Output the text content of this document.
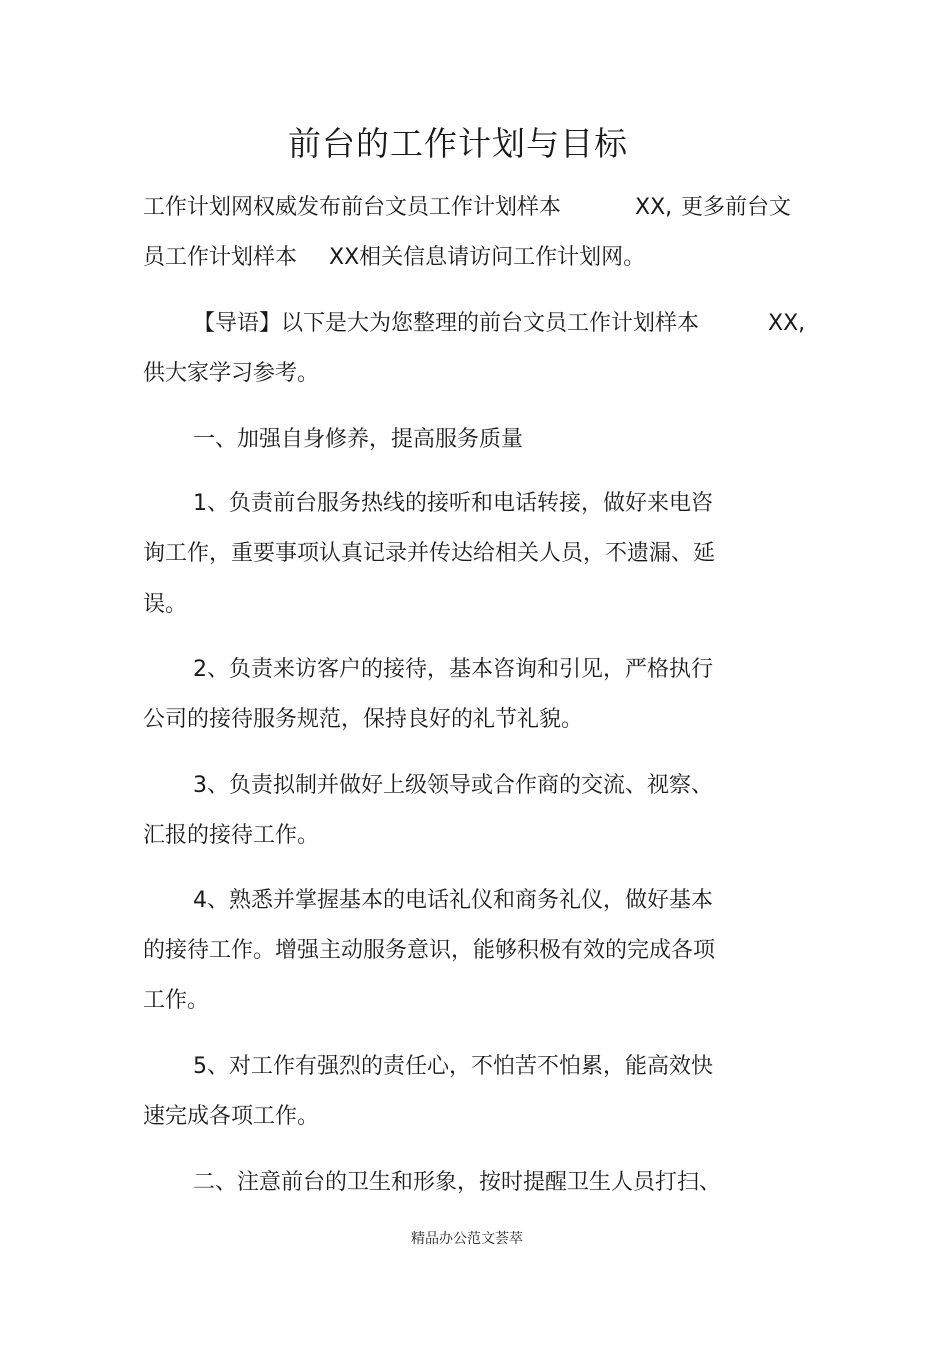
前台的工作计划与目标
工作计划网权威发布前台文员工作计划样本	XX, 更多前台文
员工作计划样本 XX相关信息请访问工作计划网。
【导语】以下是大为您整理的前台文员工作计划样本	XX,
供大家学习参考。
一、加强自身修养，提高服务质量
1、负责前台服务热线的接听和电话转接，做好来电咨
询工作，重要事项认真记录并传达给相关人员，不遗漏、延
误。
2、负责来访客户的接待，基本咨询和引见，严格执行
公司的接待服务规范，保持良好的礼节礼貌。
3、负责拟制并做好上级领导或合作商的交流、视察、
汇报的接待工作。
4、熟悉并掌握基本的电话礼仪和商务礼仪，做好基本
的接待工作。增强主动服务意识，能够积极有效的完成各项
工作。
5、对工作有强烈的责任心，不怕苦不怕累，能高效快
速完成各项工作。
二、注意前台的卫生和形象，按时提醒卫生人员打扫、
精品办公范文荟萃
